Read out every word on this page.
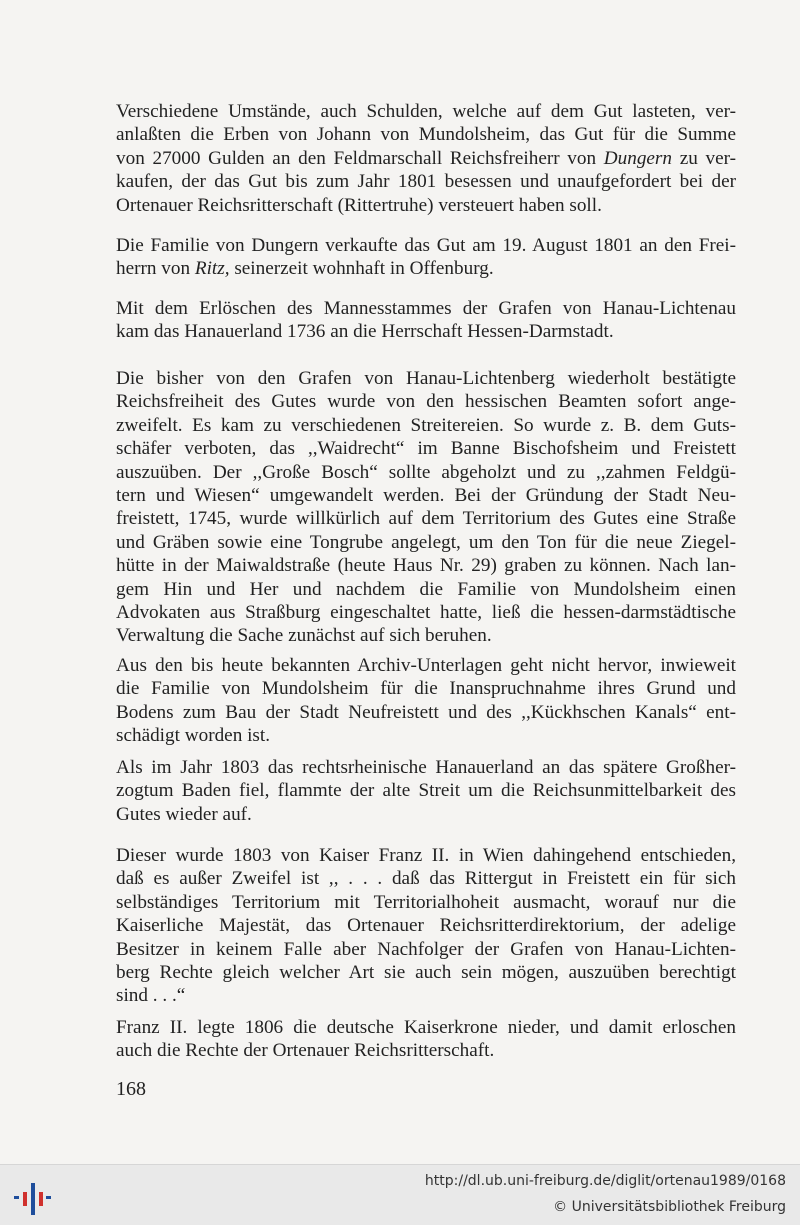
Verschiedene Umstände, auch Schulden, welche auf dem Gut lasteten, ver-
anlaßten die Erben von Johann von Mundolsheim, das Gut für die Summe
von 27000 Gulden an den Feldmarschall Reichsfreiherr von Dungern zu ver-
kaufen, der das Gut bis zum Jahr 1801 besessen und unaufgefordert bei der
Ortenauer Reichsritterschaft (Rittertruhe) versteuert haben soll.
Die Familie von Dungern verkaufte das Gut am 19. August 1801 an den Frei-
herrn von Ritz, seinerzeit wohnhaft in Offenburg.
Mit dem Erlöschen des Mannesstammes der Grafen von Hanau-Lichtenau
kam das Hanauerland 1736 an die Herrschaft Hessen-Darmstadt.
Die bisher von den Grafen von Hanau-Lichtenberg wiederholt bestätigte
Reichsfreiheit des Gutes wurde von den hessischen Beamten sofort ange-
zweifelt. Es kam zu verschiedenen Streitereien. So wurde z. B. dem Guts-
schäfer verboten, das ,,Waidrecht“ im Banne Bischofsheim und Freistett
auszuüben. Der ,,Große Bosch“ sollte abgeholzt und zu ,,zahmen Feldgü-
tern und Wiesen“ umgewandelt werden. Bei der Gründung der Stadt Neu-
freistett, 1745, wurde willkürlich auf dem Territorium des Gutes eine Straße
und Gräben sowie eine Tongrube angelegt, um den Ton für die neue Ziegel-
hütte in der Maiwaldstraße (heute Haus Nr. 29) graben zu können. Nach lan-
gem Hin und Her und nachdem die Familie von Mundolsheim einen
Advokaten aus Straßburg eingeschaltet hatte, ließ die hessen-darmstädtische
Verwaltung die Sache zunächst auf sich beruhen.
Aus den bis heute bekannten Archiv-Unterlagen geht nicht hervor, inwieweit
die Familie von Mundolsheim für die Inanspruchnahme ihres Grund und
Bodens zum Bau der Stadt Neufreistett und des ,,Kückhschen Kanals“ ent-
schädigt worden ist.
Als im Jahr 1803 das rechtsrheinische Hanauerland an das spätere Großher-
zogtum Baden fiel, flammte der alte Streit um die Reichsunmittelbarkeit des
Gutes wieder auf.
Dieser wurde 1803 von Kaiser Franz II. in Wien dahingehend entschieden,
daß es außer Zweifel ist ,, . . . daß das Rittergut in Freistett ein für sich
selbständiges Territorium mit Territorialhoheit ausmacht, worauf nur die
Kaiserliche Majestät, das Ortenauer Reichsritterdirektorium, der adelige
Besitzer in keinem Falle aber Nachfolger der Grafen von Hanau-Lichten-
berg Rechte gleich welcher Art sie auch sein mögen, auszuüben berechtigt
sind . . .“
Franz II. legte 1806 die deutsche Kaiserkrone nieder, und damit erloschen
auch die Rechte der Ortenauer Reichsritterschaft.
168
http://dl.ub.uni-freiburg.de/diglit/ortenau1989/0168
© Universitätsbibliothek Freiburg
